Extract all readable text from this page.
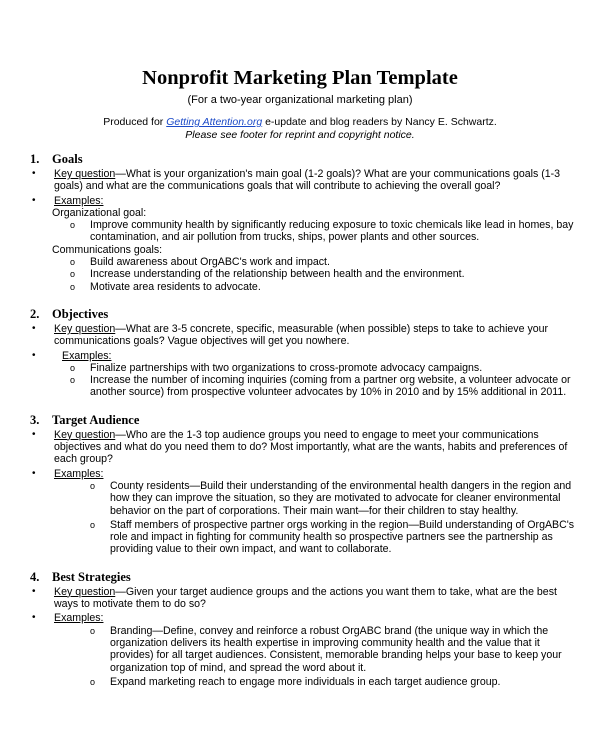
Nonprofit Marketing Plan Template
(For a two-year organizational marketing plan)
Produced for Getting Attention.org e-update and blog readers by Nancy E. Schwartz.
Please see footer for reprint and copyright notice.
1.	Goals
•	Key question—What is your organization's main goal (1-2 goals)? What are your communications goals (1-3 goals) and what are the communications goals that will contribute to achieving the overall goal?
•	Examples:
Organizational goal:
o	Improve community health by significantly reducing exposure to toxic chemicals like lead in homes, bay contamination, and air pollution from trucks, ships, power plants and other sources.
Communications goals:
o	Build awareness about OrgABC's work and impact.
o	Increase understanding of the relationship between health and the environment.
o	Motivate area residents to advocate.
2.	Objectives
•	Key question—What are 3-5 concrete, specific, measurable (when possible) steps to take to achieve your communications goals? Vague objectives will get you nowhere.
•	Examples:
o	Finalize partnerships with two organizations to cross-promote advocacy campaigns.
o	Increase the number of incoming inquiries (coming from a partner org website, a volunteer advocate or another source) from prospective volunteer advocates by 10% in 2010 and by 15% additional in 2011.
3.	Target Audience
•	Key question—Who are the 1-3 top audience groups you need to engage to meet your communications objectives and what do you need them to do? Most importantly, what are the wants, habits and preferences of each group?
•	Examples:
o	County residents—Build their understanding of the environmental health dangers in the region and how they can improve the situation, so they are motivated to advocate for cleaner environmental behavior on the part of corporations. Their main want—for their children to stay healthy.
o	Staff members of prospective partner orgs working in the region—Build understanding of OrgABC's role and impact in fighting for community health so prospective partners see the partnership as providing value to their own impact, and want to collaborate.
4.	Best Strategies
•	Key question—Given your target audience groups and the actions you want them to take, what are the best ways to motivate them to do so?
•	Examples:
o	Branding—Define, convey and reinforce a robust OrgABC brand (the unique way in which the organization delivers its health expertise in improving community health and the value that it provides) for all target audiences. Consistent, memorable branding helps your base to keep your organization top of mind, and spread the word about it.
o	Expand marketing reach to engage more individuals in each target audience group.
